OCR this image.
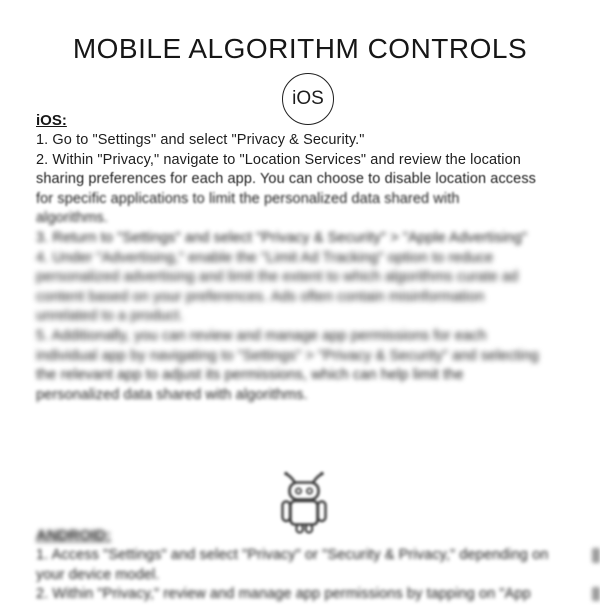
MOBILE ALGORITHM CONTROLS
iOS
iOS:
1. Go to "Settings" and select "Privacy & Security."
2. Within "Privacy," navigate to "Location Services" and review the location
sharing preferences for each app. You can choose to disable location access
for specific applications to limit the personalized data shared with
algorithms.
3. Return to "Settings" and select "Privacy & Security" > "Apple Advertising"
4. Under "Advertising," enable the "Limit Ad Tracking" option to reduce
personalized advertising and limit the extent to which algorithms curate ad
content based on your preferences. Ads often contain misinformation
unrelated to a product.
5. Additionally, you can review and manage app permissions for each
individual app by navigating to "Settings" > "Privacy & Security" and selecting
the relevant app to adjust its permissions, which can help limit the
personalized data shared with algorithms.
ANDROID:
1. Access "Settings" and select "Privacy" or "Security & Privacy," depending on
your device model.
2. Within "Privacy," review and manage app permissions by tapping on "App
